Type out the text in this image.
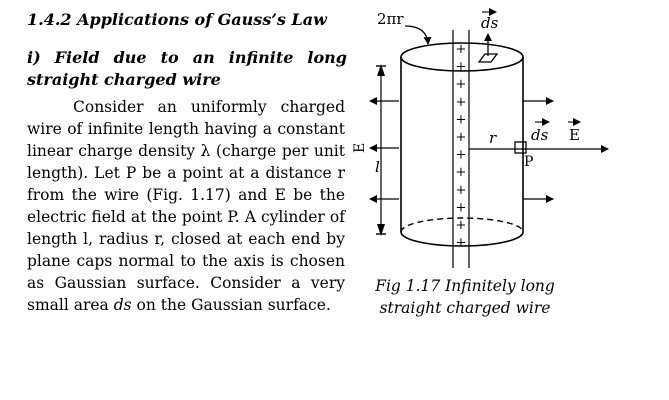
1.4.2 Applications of Gauss’s Law
i) Field due to an infinite long
straight charged wire
Consider an uniformly charged
wire of infinite length having a constant
linear charge density λ (charge per unit
length). Let P be a point at a distance r
from the wire (Fig. 1.17) and E be the
electric field at the point P. A cylinder of
length l, radius r, closed at each end by
plane caps normal to the axis is chosen
as Gaussian surface. Consider a very
small area ds on the Gaussian surface.
+
+
+
+
+
+
+
+
+
+
+
+
2πr	ds
l
E
r
P
ds E
Fig 1.17 Infinitely long
straight charged wire
